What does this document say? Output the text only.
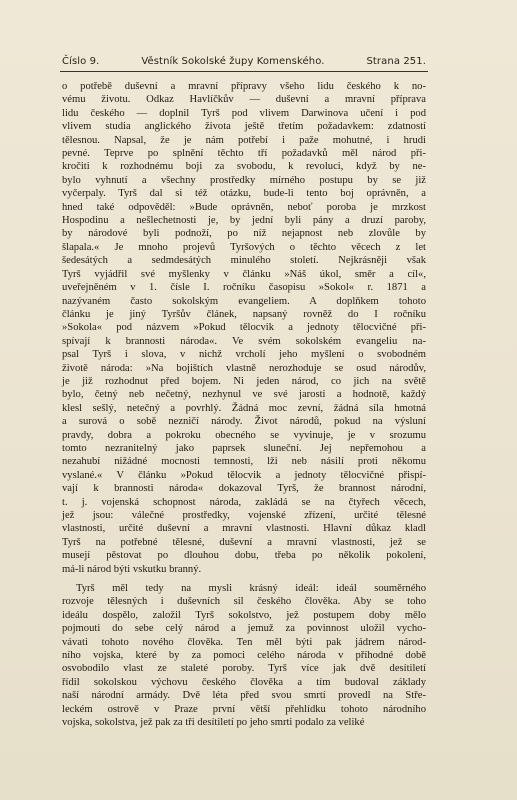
Číslo 9.	Věstník Sokolské župy Komenského.	Strana 251.

o potřebě duševní a mravní přípravy všeho lidu českého k no-
vému životu. Odkaz Havlíčkův — duševní a mravní příprava
lidu českého — doplnil Tyrš pod vlivem Darwinova učení i pod
vlivem studia anglického života ještě třetím požadavkem: zdatností
tělesnou. Napsal, že je nám potřebí i paže mohutné, i hrudi
pevné. Teprve po splnění těchto tří požadavků měl národ při-
kročiti k rozhodnému boji za svobodu, k revoluci, když by ne-
bylo vyhnutí a všechny prostředky mírného postupu by se již
vyčerpaly. Tyrš dal si též otázku, bude-li tento boj oprávněn, a
hned také odpověděl: »Bude oprávněn, neboť poroba je mrzkost
Hospodinu a nešlechetnosti je, by jední byli pány a druzí paroby,
by národové byli podnoží, po níž nejapnost neb zlovůle by
šlapala.« Je mnoho projevů Tyršových o těchto věcech z let
šedesátých a sedmdesátých minulého století. Nejkrásněji však
Tyrš vyjádřil své myšlenky v článku »Náš úkol, směr a cíl«,
uveřejněném v 1. čísle I. ročníku časopisu »Sokol« r. 1871 a
nazývaném často sokolským evangeliem. A doplňkem tohoto
článku je jiný Tyršův článek, napsaný rovněž do I ročníku
»Sokola« pod názvem »Pokud tělocvik a jednoty tělocvičné při-
spívají k brannosti národa«. Ve svém sokolském evangeliu na-
psal Tyrš i slova, v nichž vrcholí jeho myšlení o svobodném
životě národa: »Na bojištích vlastně nerozhoduje se osud národův,
je již rozhodnut před bojem. Ni jeden národ, co jich na světě
bylo, četný neb nečetný, nezhynul ve své jarosti a hodnotě, každý
klesl sešlý, netečný a povrhlý. Žádná moc zevní, žádná síla hmotná
a surová o sobě nezničí národy. Život národů, pokud na výsluní
pravdy, dobra a pokroku obecného se vyvinuje, je v srozumu
tomto nezranitelný jako paprsek sluneční. Jej nepřemohou a
nezahubí nižádné mocnosti temnosti, lži neb násilí proti někomu
vyslané.« V článku »Pokud tělocvik a jednoty tělocvičné přispí-
vají k brannosti národa« dokazoval Tyrš, že brannost národní,
t. j. vojenská schopnost národa, zakládá se na čtyřech věcech,
jež jsou: válečné prostředky, vojenské zřízení, určité tělesné
vlastnosti, určité duševní a mravní vlastnosti. Hlavní důkaz kladl
Tyrš na potřebné tělesné, duševní a mravní vlastnosti, jež se
musejí pěstovat po dlouhou dobu, třeba po několik pokolení,
má-li národ býti vskutku branný.

Tyrš měl tedy na mysli krásný ideál: ideál souměrného
rozvoje tělesných i duševních sil českého člověka. Aby se toho
ideálu dospělo, založil Tyrš sokolstvo, jež postupem doby mělo
pojmouti do sebe celý národ a jemuž za povinnost uložil vycho-
vávati tohoto nového člověka. Ten měl býti pak jádrem národ-
ního vojska, které by za pomoci celého národa v příhodné době
osvobodilo vlast ze staleté poroby. Tyrš více jak dvě desítiletí
řídil sokolskou výchovu českého člověka a tím budoval základy
naší národní armády. Dvě léta před svou smrtí provedl na Stře-
leckém ostrově v Praze první větší přehlídku tohoto národního
vojska, sokolstva, jež pak za tři desítiletí po jeho smrti podalo za veliké
